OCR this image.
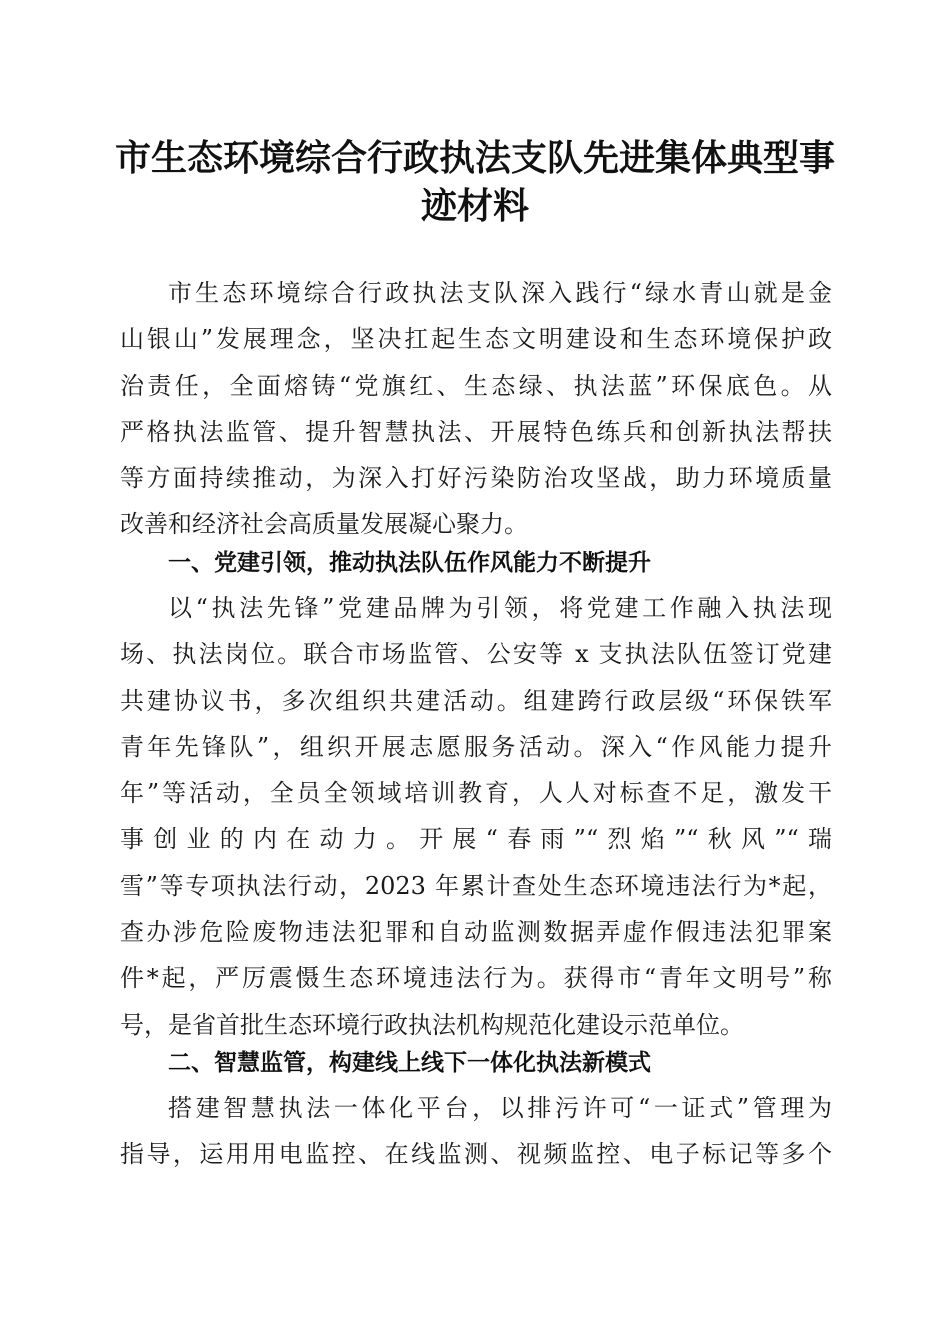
市生态环境综合行政执法支队先进集体典型事
迹材料
市生态环境综合行政执法支队深入践行“绿水青山就是金
山银山”发展理念，坚决扛起生态文明建设和生态环境保护政
治责任，全面熔铸“党旗红、生态绿、执法蓝”环保底色。从
严格执法监管、提升智慧执法、开展特色练兵和创新执法帮扶
等方面持续推动，为深入打好污染防治攻坚战，助力环境质量
改善和经济社会高质量发展凝心聚力。
一、党建引领，推动执法队伍作风能力不断提升
以“执法先锋”党建品牌为引领，将党建工作融入执法现
场、执法岗位。联合市场监管、公安等 x 支执法队伍签订党建
共建协议书，多次组织共建活动。组建跨行政层级“环保铁军
青年先锋队”，组织开展志愿服务活动。深入“作风能力提升
年”等活动，全员全领域培训教育，人人对标查不足，激发干
事创业的内在动力。开展“春雨”“烈焰”“秋风”“瑞
雪”等专项执法行动，2023 年累计查处生态环境违法行为*起，
查办涉危险废物违法犯罪和自动监测数据弄虚作假违法犯罪案
件*起，严厉震慑生态环境违法行为。获得市“青年文明号”称
号，是省首批生态环境行政执法机构规范化建设示范单位。
二、智慧监管，构建线上线下一体化执法新模式
搭建智慧执法一体化平台，以排污许可“一证式”管理为
指导，运用用电监控、在线监测、视频监控、电子标记等多个
